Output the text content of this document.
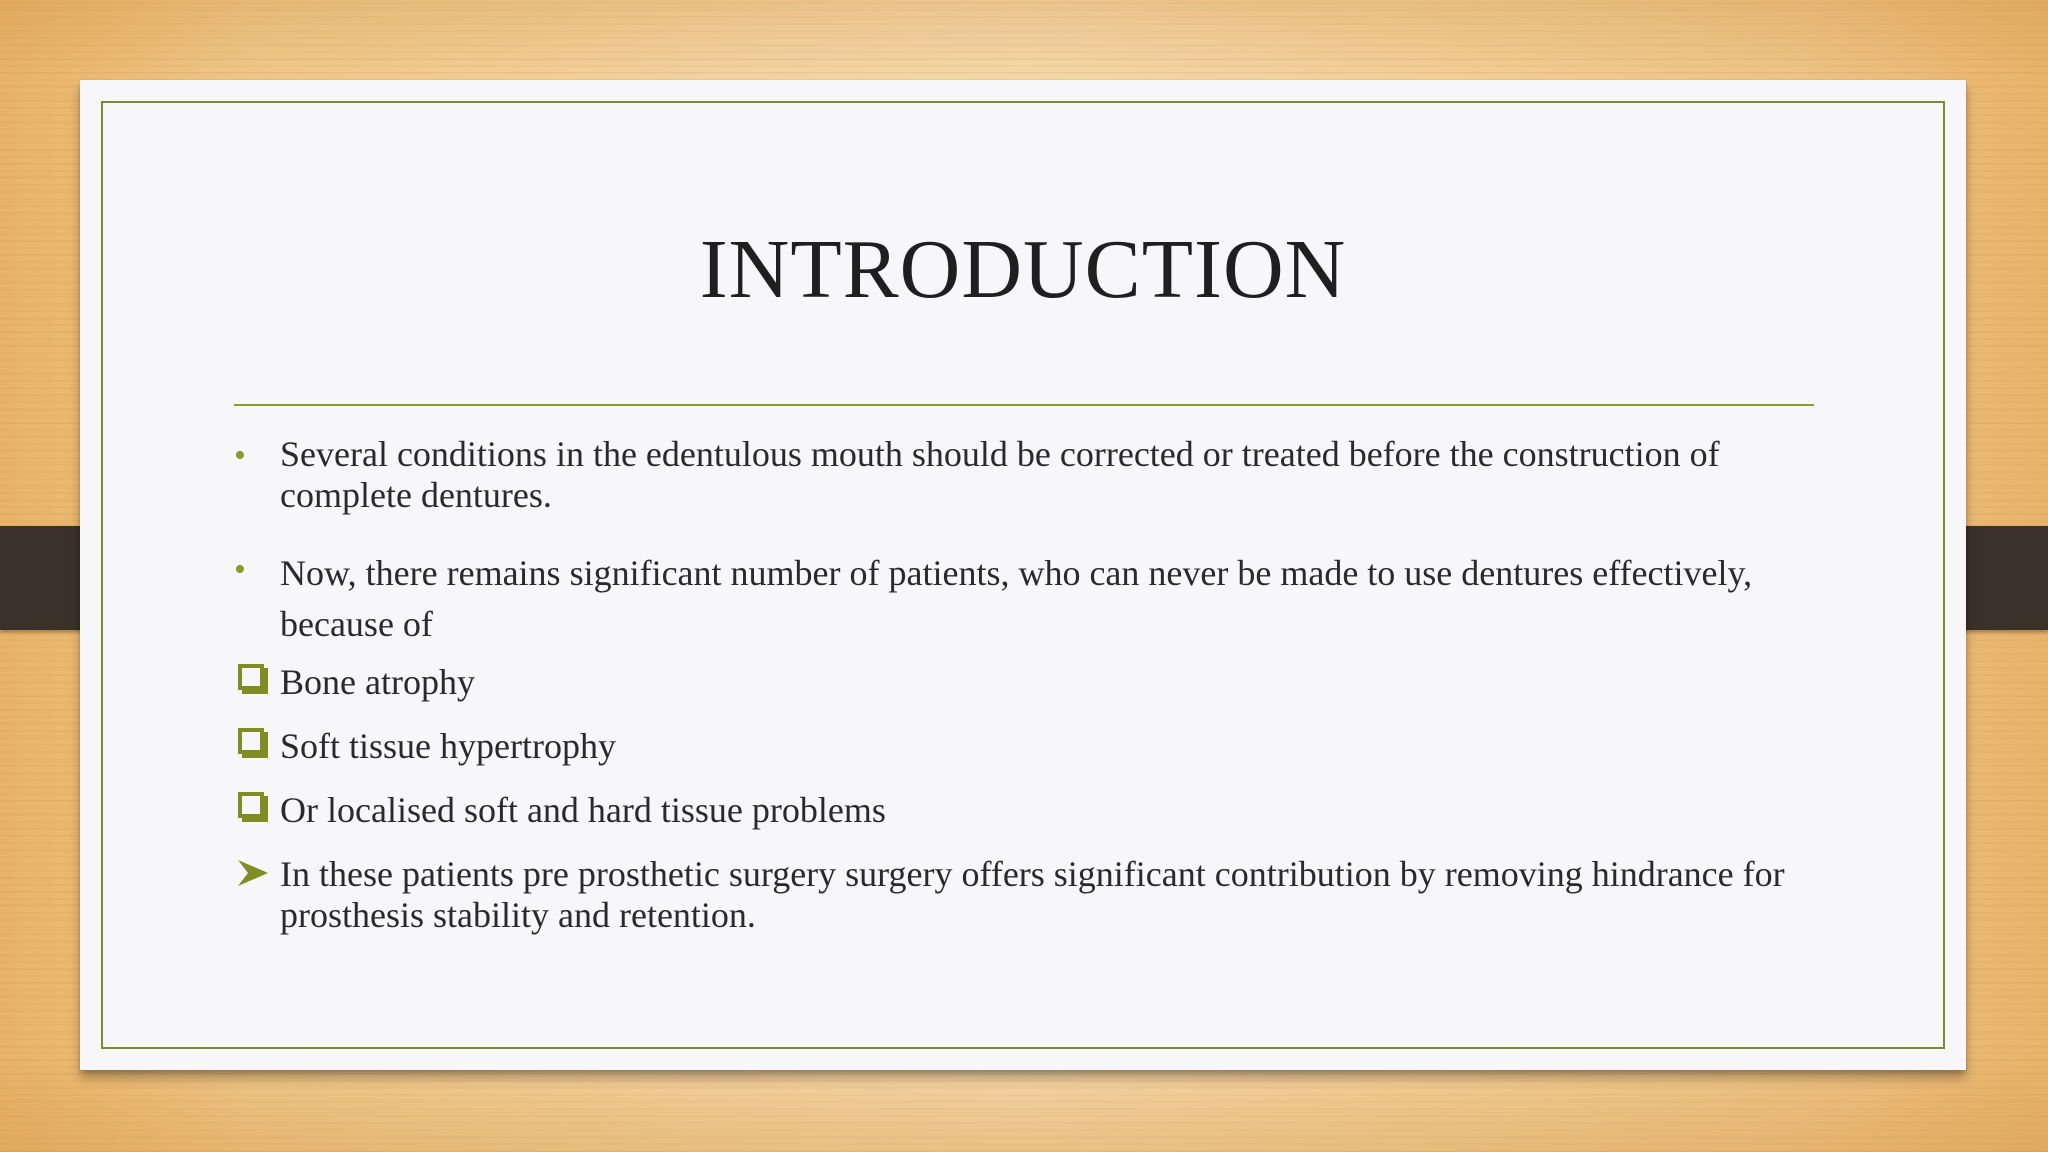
INTRODUCTION
• Several conditions in the edentulous mouth should be corrected or treated before the construction of complete dentures.
• Now, there remains significant number of patients, who can never be made to use dentures effectively, because of
Bone atrophy
Soft tissue hypertrophy
Or localised soft and hard tissue problems
In these patients pre prosthetic surgery surgery offers significant contribution by removing hindrance for prosthesis stability and retention.
